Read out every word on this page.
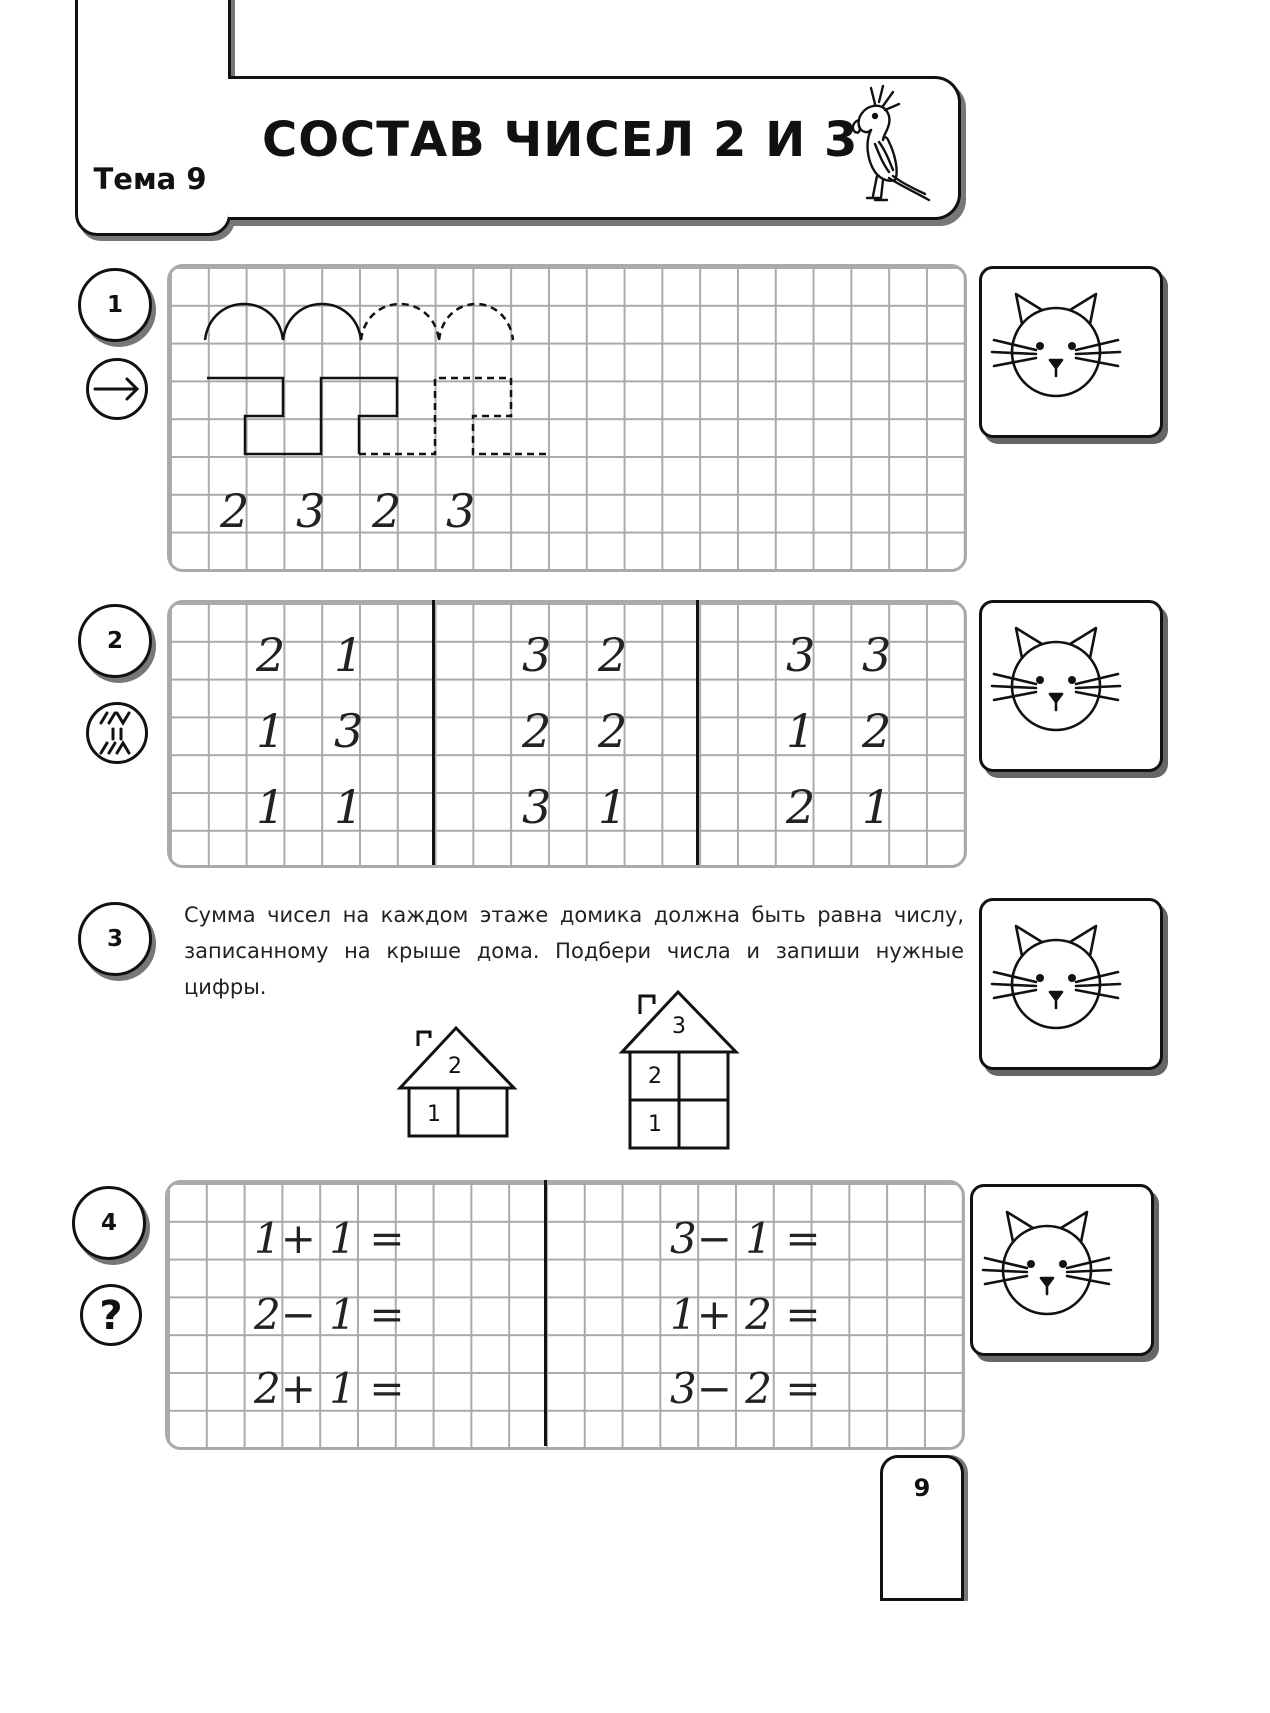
Тема 9
СОСТАВ ЧИСЕЛ 2 И 3
1
2 3 2 3
2	2 1
1 3
1 1
3 2
2 2
3 1
3 3
1 2
2 1
3
Сумма чисел на каждом этаже домика должна быть равна числу, записанному на крыше дома. Подбери числа и запиши нужные цифры.
2
1
3
2
1
4
?
1+ 1 =
2− 1 =
2+ 1 =
3− 1 =
1+ 2 =
3− 2 =
9
